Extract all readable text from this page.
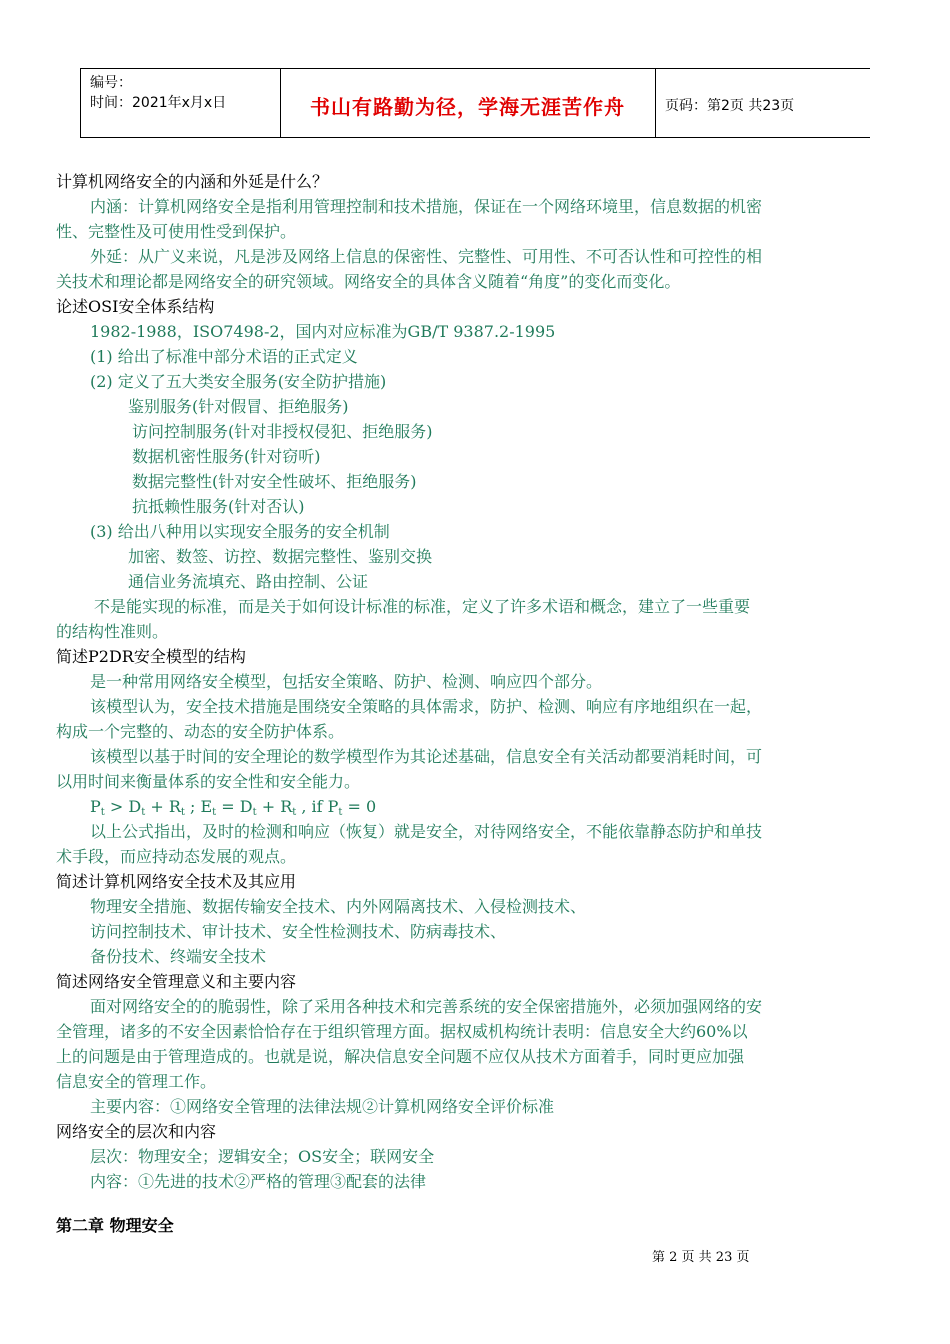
编号：
时间：2021年x月x日	书山有路勤为径，学海无涯苦作舟	页码：第2页 共23页
计算机网络安全的内涵和外延是什么？
内涵：计算机网络安全是指利用管理控制和技术措施，保证在一个网络环境里，信息数据的机密
性、完整性及可使用性受到保护。
外延：从广义来说，凡是涉及网络上信息的保密性、完整性、可用性、不可否认性和可控性的相
关技术和理论都是网络安全的研究领域。网络安全的具体含义随着“角度”的变化而变化。
论述OSI安全体系结构
1982-1988，ISO7498-2，国内对应标准为GB/T 9387.2-1995
(1) 给出了标准中部分术语的正式定义
(2) 定义了五大类安全服务(安全防护措施)
鉴别服务(针对假冒、拒绝服务)
访问控制服务(针对非授权侵犯、拒绝服务)
数据机密性服务(针对窃听)
数据完整性(针对安全性破坏、拒绝服务)
抗抵赖性服务(针对否认)
(3) 给出八种用以实现安全服务的安全机制
加密、数签、访控、数据完整性、鉴别交换
通信业务流填充、路由控制、公证
不是能实现的标准，而是关于如何设计标准的标准，定义了许多术语和概念，建立了一些重要
的结构性准则。
简述P2DR安全模型的结构
是一种常用网络安全模型，包括安全策略、防护、检测、响应四个部分。
该模型认为，安全技术措施是围绕安全策略的具体需求，防护、检测、响应有序地组织在一起，
构成一个完整的、动态的安全防护体系。
该模型以基于时间的安全理论的数学模型作为其论述基础，信息安全有关活动都要消耗时间，可
以用时间来衡量体系的安全性和安全能力。
$P_t > D_t + R_t$ ; $E_t = D_t + R_t$ , if $P_t = 0$
以上公式指出，及时的检测和响应（恢复）就是安全，对待网络安全，不能依靠静态防护和单技
术手段，而应持动态发展的观点。
简述计算机网络安全技术及其应用
物理安全措施、数据传输安全技术、内外网隔离技术、入侵检测技术、
访问控制技术、审计技术、安全性检测技术、防病毒技术、
备份技术、终端安全技术
简述网络安全管理意义和主要内容
面对网络安全的的脆弱性，除了采用各种技术和完善系统的安全保密措施外，必须加强网络的安
全管理，诸多的不安全因素恰恰存在于组织管理方面。据权威机构统计表明：信息安全大约60%以
上的问题是由于管理造成的。也就是说，解决信息安全问题不应仅从技术方面着手，同时更应加强
信息安全的管理工作。
主要内容：①网络安全管理的法律法规②计算机网络安全评价标准
网络安全的层次和内容
层次：物理安全；逻辑安全；OS安全；联网安全
内容：①先进的技术②严格的管理③配套的法律
第二章 物理安全
第 2 页 共 23 页
